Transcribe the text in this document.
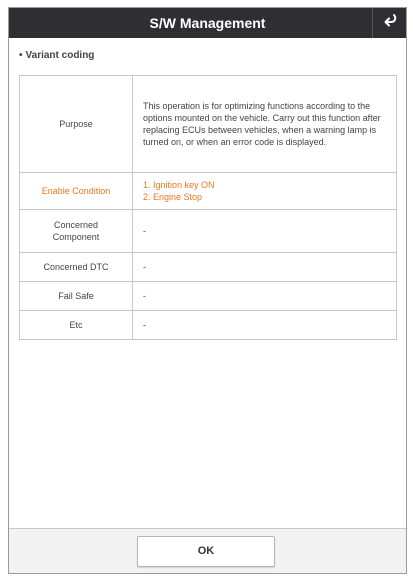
S/W Management
• Variant coding
Purpose	This operation is for optimizing functions according to the options mounted on the vehicle. Carry out this function after replacing ECUs between vehicles, when a warning lamp is turned on, or when an error code is displayed.
Enable Condition	1. Ignition key ON
2. Engine Stop

Concerned
Component	-
Concerned DTC	-
Fail Safe	-
Etc	-
OK
